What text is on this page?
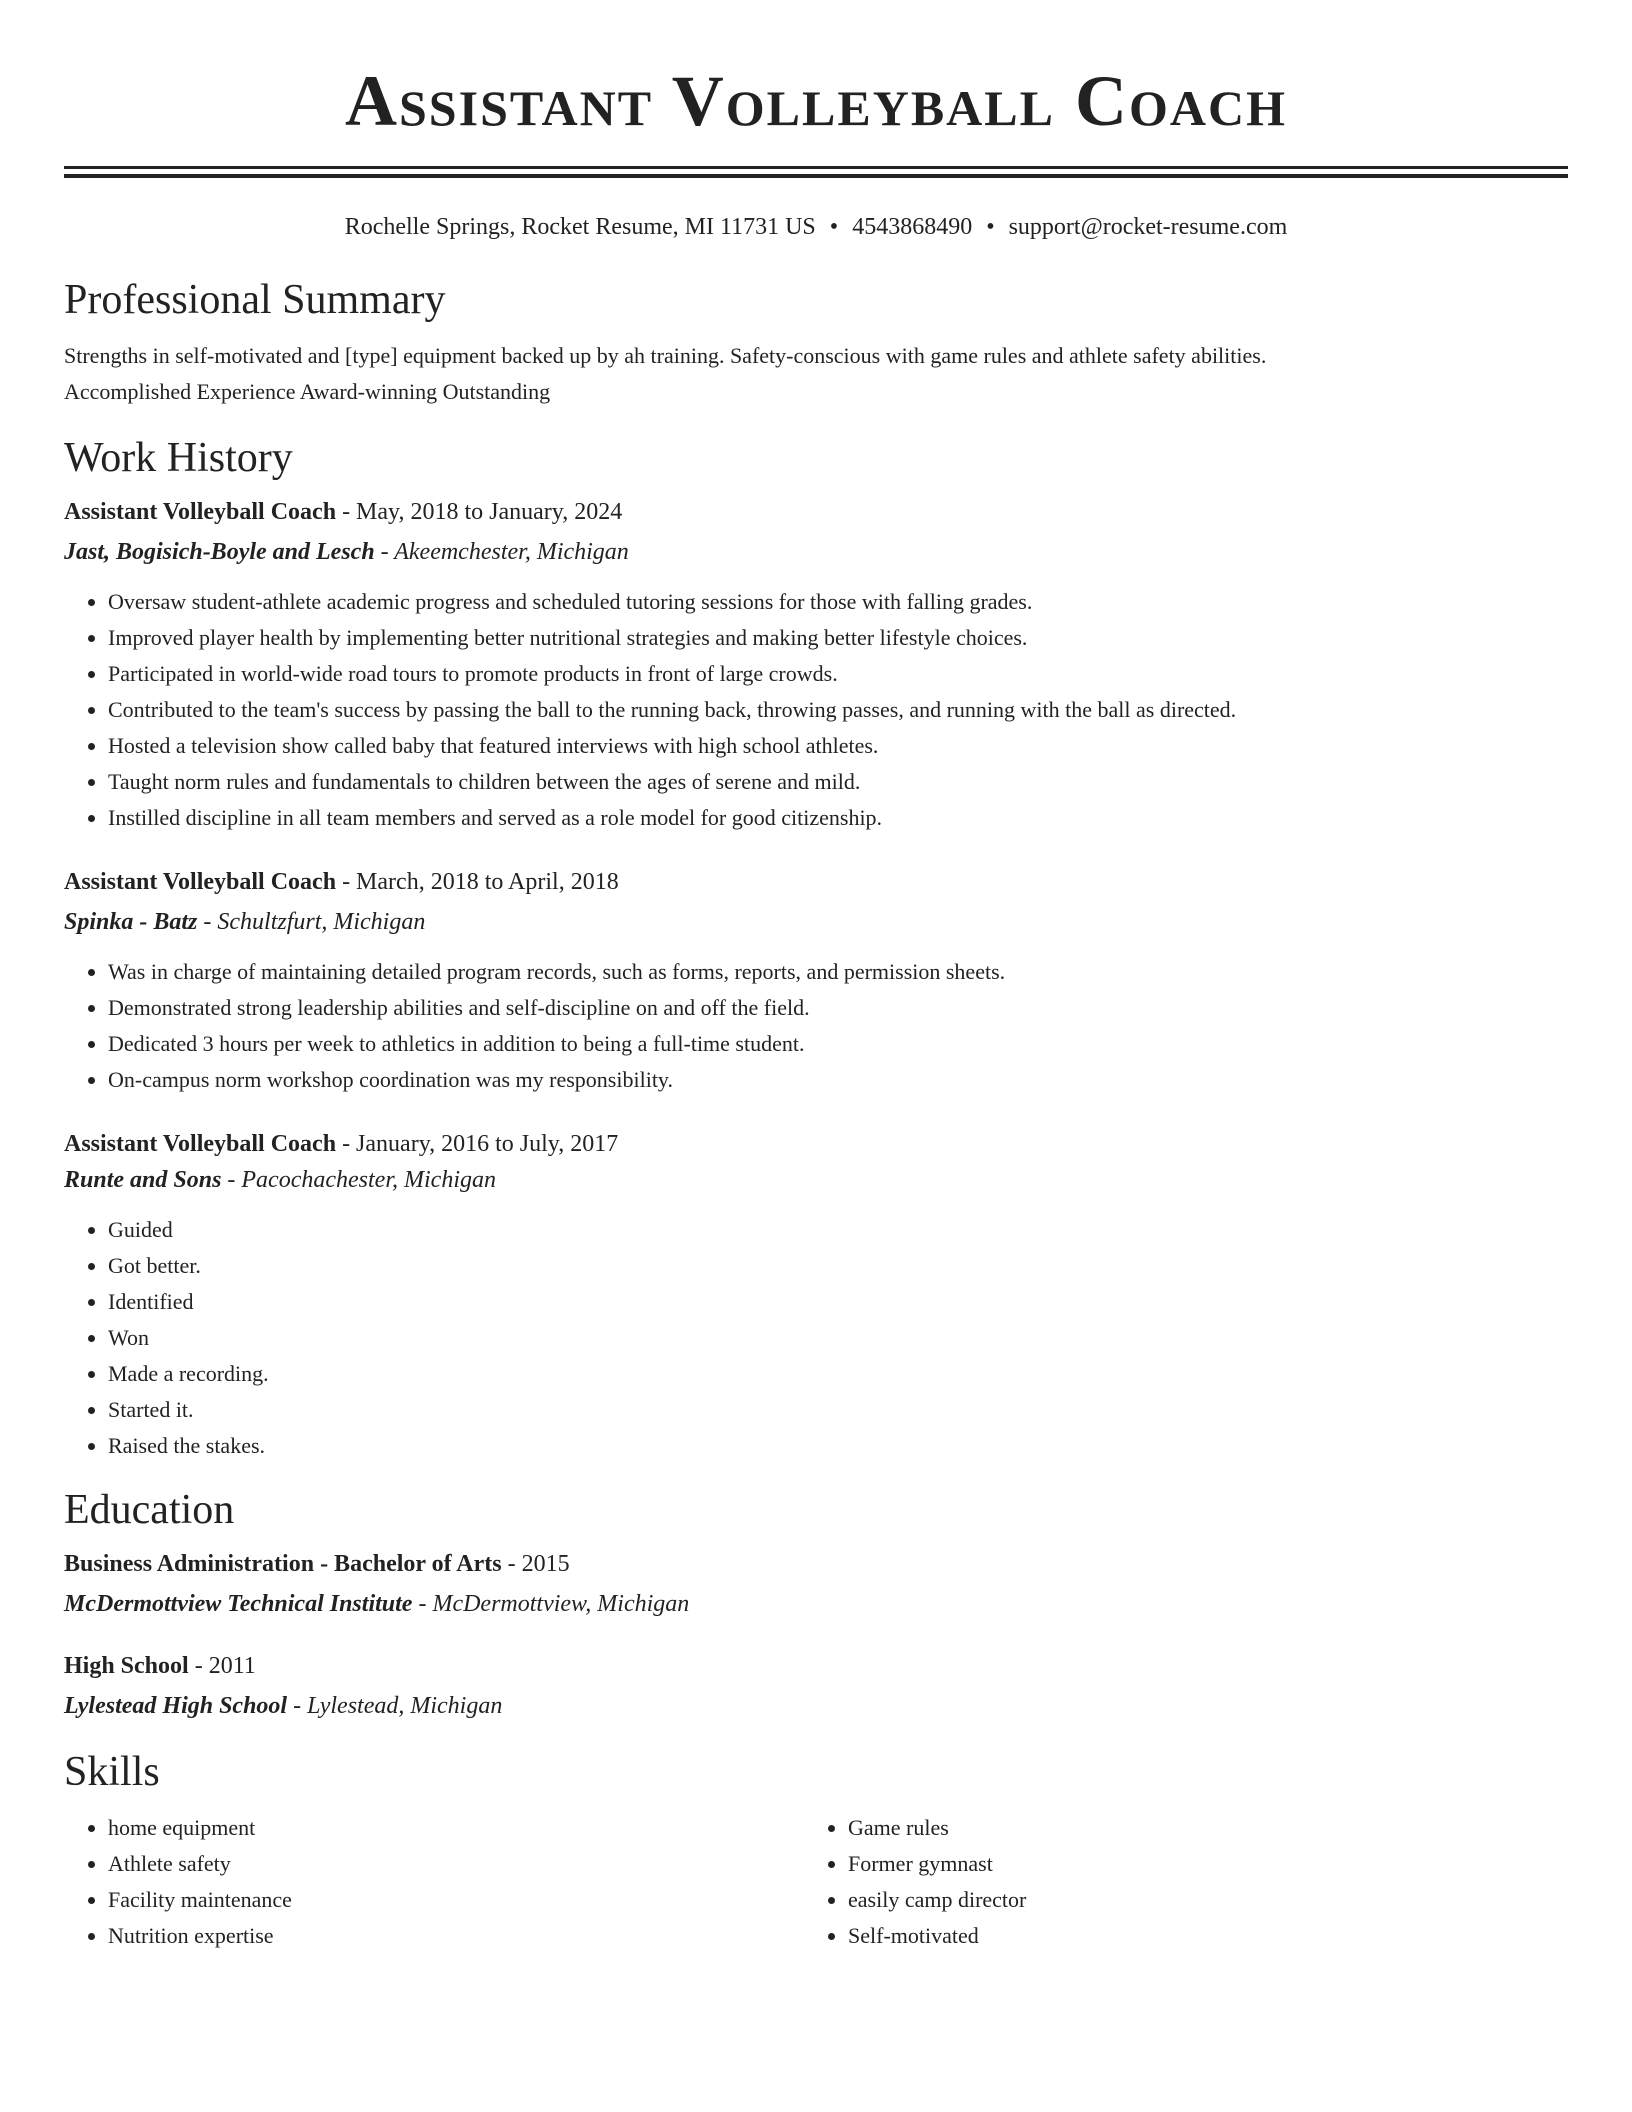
Assistant Volleyball Coach
Rochelle Springs, Rocket Resume, MI 11731 US • 4543868490 • support@rocket-resume.com
Professional Summary

Strengths in self-motivated and [type] equipment backed up by ah training. Safety-conscious with game rules and athlete safety abilities.

Accomplished Experience Award-winning Outstanding

Work History
Assistant Volleyball Coach - May, 2018 to January, 2024
Jast, Bogisich-Boyle and Lesch - Akeemchester, Michigan
• Oversaw student-athlete academic progress and scheduled tutoring sessions for those with falling grades.
• Improved player health by implementing better nutritional strategies and making better lifestyle choices.
• Participated in world-wide road tours to promote products in front of large crowds.
• Contributed to the team's success by passing the ball to the running back, throwing passes, and running with the ball as directed.
• Hosted a television show called baby that featured interviews with high school athletes.
• Taught norm rules and fundamentals to children between the ages of serene and mild.
• Instilled discipline in all team members and served as a role model for good citizenship.
Assistant Volleyball Coach - March, 2018 to April, 2018
Spinka - Batz - Schultzfurt, Michigan
• Was in charge of maintaining detailed program records, such as forms, reports, and permission sheets.
• Demonstrated strong leadership abilities and self-discipline on and off the field.
• Dedicated 3 hours per week to athletics in addition to being a full-time student.
• On-campus norm workshop coordination was my responsibility.
Assistant Volleyball Coach - January, 2016 to July, 2017
Runte and Sons - Pacochachester, Michigan
• Guided
• Got better.
• Identified
• Won
• Made a recording.
• Started it.
• Raised the stakes.
Education
Business Administration - Bachelor of Arts - 2015
McDermottview Technical Institute - McDermottview, Michigan
High School - 2011
Lylestead High School - Lylestead, Michigan
Skills
• home equipment
• Athlete safety
• Facility maintenance
• Nutrition expertise
• Game rules
• Former gymnast
• easily camp director
• Self-motivated
